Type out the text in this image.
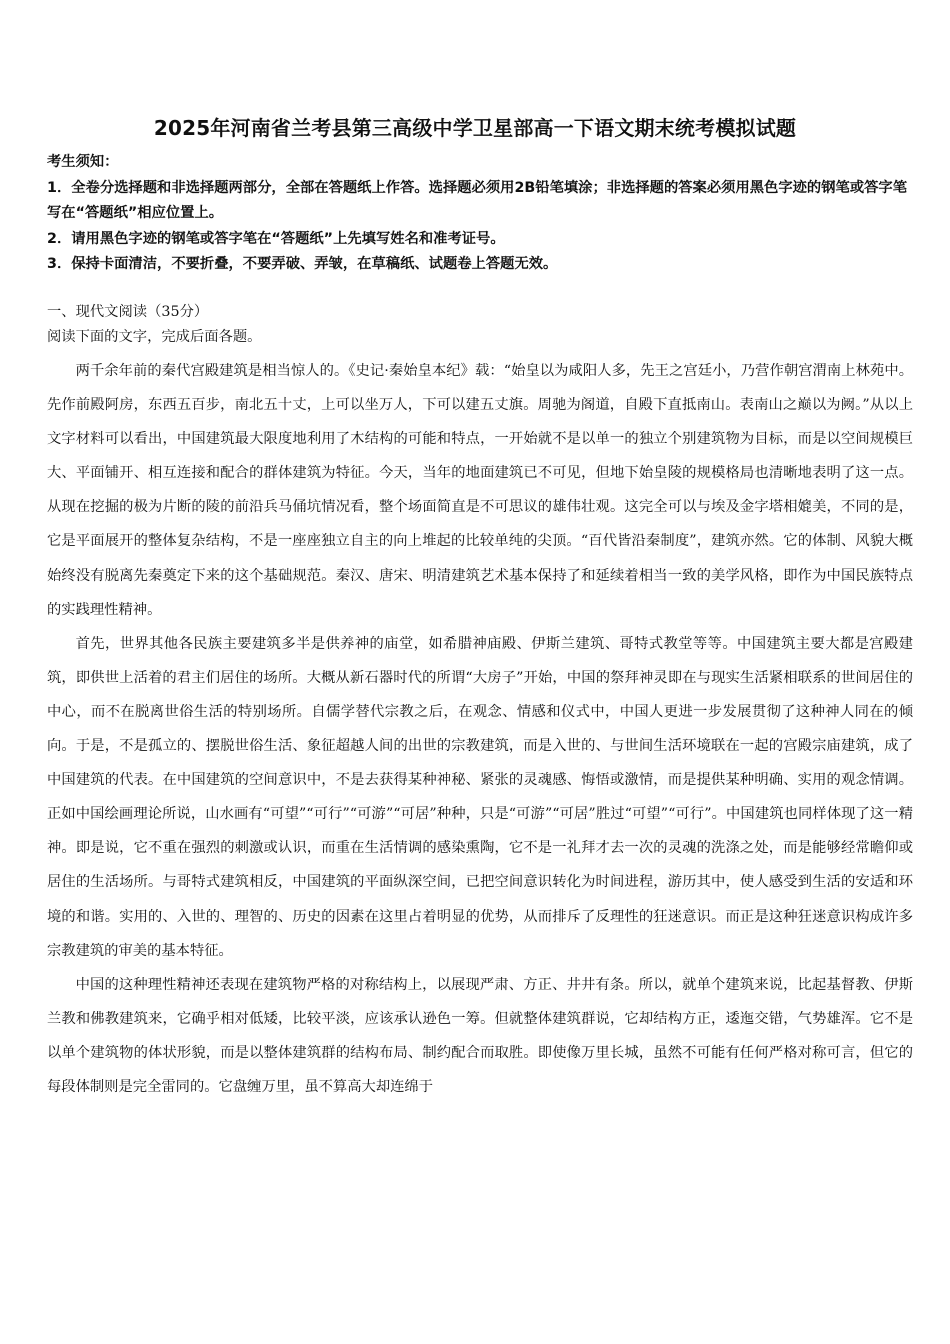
2025年河南省兰考县第三高级中学卫星部高一下语文期末统考模拟试题

考生须知：

1．全卷分选择题和非选择题两部分，全部在答题纸上作答。选择题必须用2B铅笔填涂；非选择题的答案必须用黑色字迹的钢笔或答字笔写在“答题纸”相应位置上。

2．请用黑色字迹的钢笔或答字笔在“答题纸”上先填写姓名和准考证号。

3．保持卡面清洁，不要折叠，不要弄破、弄皱，在草稿纸、试题卷上答题无效。

一、现代文阅读（35分）

阅读下面的文字，完成后面各题。

两千余年前的秦代宫殿建筑是相当惊人的。《史记·秦始皇本纪》载：“始皇以为咸阳人多，先王之宫廷小，乃营作朝宫渭南上林苑中。先作前殿阿房，东西五百步，南北五十丈，上可以坐万人，下可以建五丈旗。周驰为阁道，自殿下直抵南山。表南山之巅以为阙。”从以上文字材料可以看出，中国建筑最大限度地利用了木结构的可能和特点，一开始就不是以单一的独立个别建筑物为目标，而是以空间规模巨大、平面铺开、相互连接和配合的群体建筑为特征。今天，当年的地面建筑已不可见，但地下始皇陵的规模格局也清晰地表明了这一点。从现在挖掘的极为片断的陵的前沿兵马俑坑情况看，整个场面简直是不可思议的雄伟壮观。这完全可以与埃及金字塔相媲美，不同的是，它是平面展开的整体复杂结构，不是一座座独立自主的向上堆起的比较单纯的尖顶。“百代皆沿秦制度”，建筑亦然。它的体制、风貌大概始终没有脱离先秦奠定下来的这个基础规范。秦汉、唐宋、明清建筑艺术基本保持了和延续着相当一致的美学风格，即作为中国民族特点的实践理性精神。

首先，世界其他各民族主要建筑多半是供养神的庙堂，如希腊神庙殿、伊斯兰建筑、哥特式教堂等等。中国建筑主要大都是宫殿建筑，即供世上活着的君主们居住的场所。大概从新石器时代的所谓“大房子”开始，中国的祭拜神灵即在与现实生活紧相联系的世间居住的中心，而不在脱离世俗生活的特别场所。自儒学替代宗教之后，在观念、情感和仪式中，中国人更进一步发展贯彻了这种神人同在的倾向。于是，不是孤立的、摆脱世俗生活、象征超越人间的出世的宗教建筑，而是入世的、与世间生活环境联在一起的宫殿宗庙建筑，成了中国建筑的代表。在中国建筑的空间意识中，不是去获得某种神秘、紧张的灵魂感、悔悟或激情，而是提供某种明确、实用的观念情调。正如中国绘画理论所说，山水画有“可望”“可行”“可游”“可居”种种，只是“可游”“可居”胜过“可望”“可行”。中国建筑也同样体现了这一精神。即是说，它不重在强烈的刺激或认识，而重在生活情调的感染熏陶，它不是一礼拜才去一次的灵魂的洗涤之处，而是能够经常瞻仰或居住的生活场所。与哥特式建筑相反，中国建筑的平面纵深空间，已把空间意识转化为时间进程，游历其中，使人感受到生活的安适和环境的和谐。实用的、入世的、理智的、历史的因素在这里占着明显的优势，从而排斥了反理性的狂迷意识。而正是这种狂迷意识构成许多宗教建筑的审美的基本特征。

中国的这种理性精神还表现在建筑物严格的对称结构上，以展现严肃、方正、井井有条。所以，就单个建筑来说，比起基督教、伊斯兰教和佛教建筑来，它确乎相对低矮，比较平淡，应该承认逊色一筹。但就整体建筑群说，它却结构方正，逶迤交错，气势雄浑。它不是以单个建筑物的体状形貌，而是以整体建筑群的结构布局、制约配合而取胜。即使像万里长城，虽然不可能有任何严格对称可言，但它的每段体制则是完全雷同的。它盘缠万里，虽不算高大却连绵于
